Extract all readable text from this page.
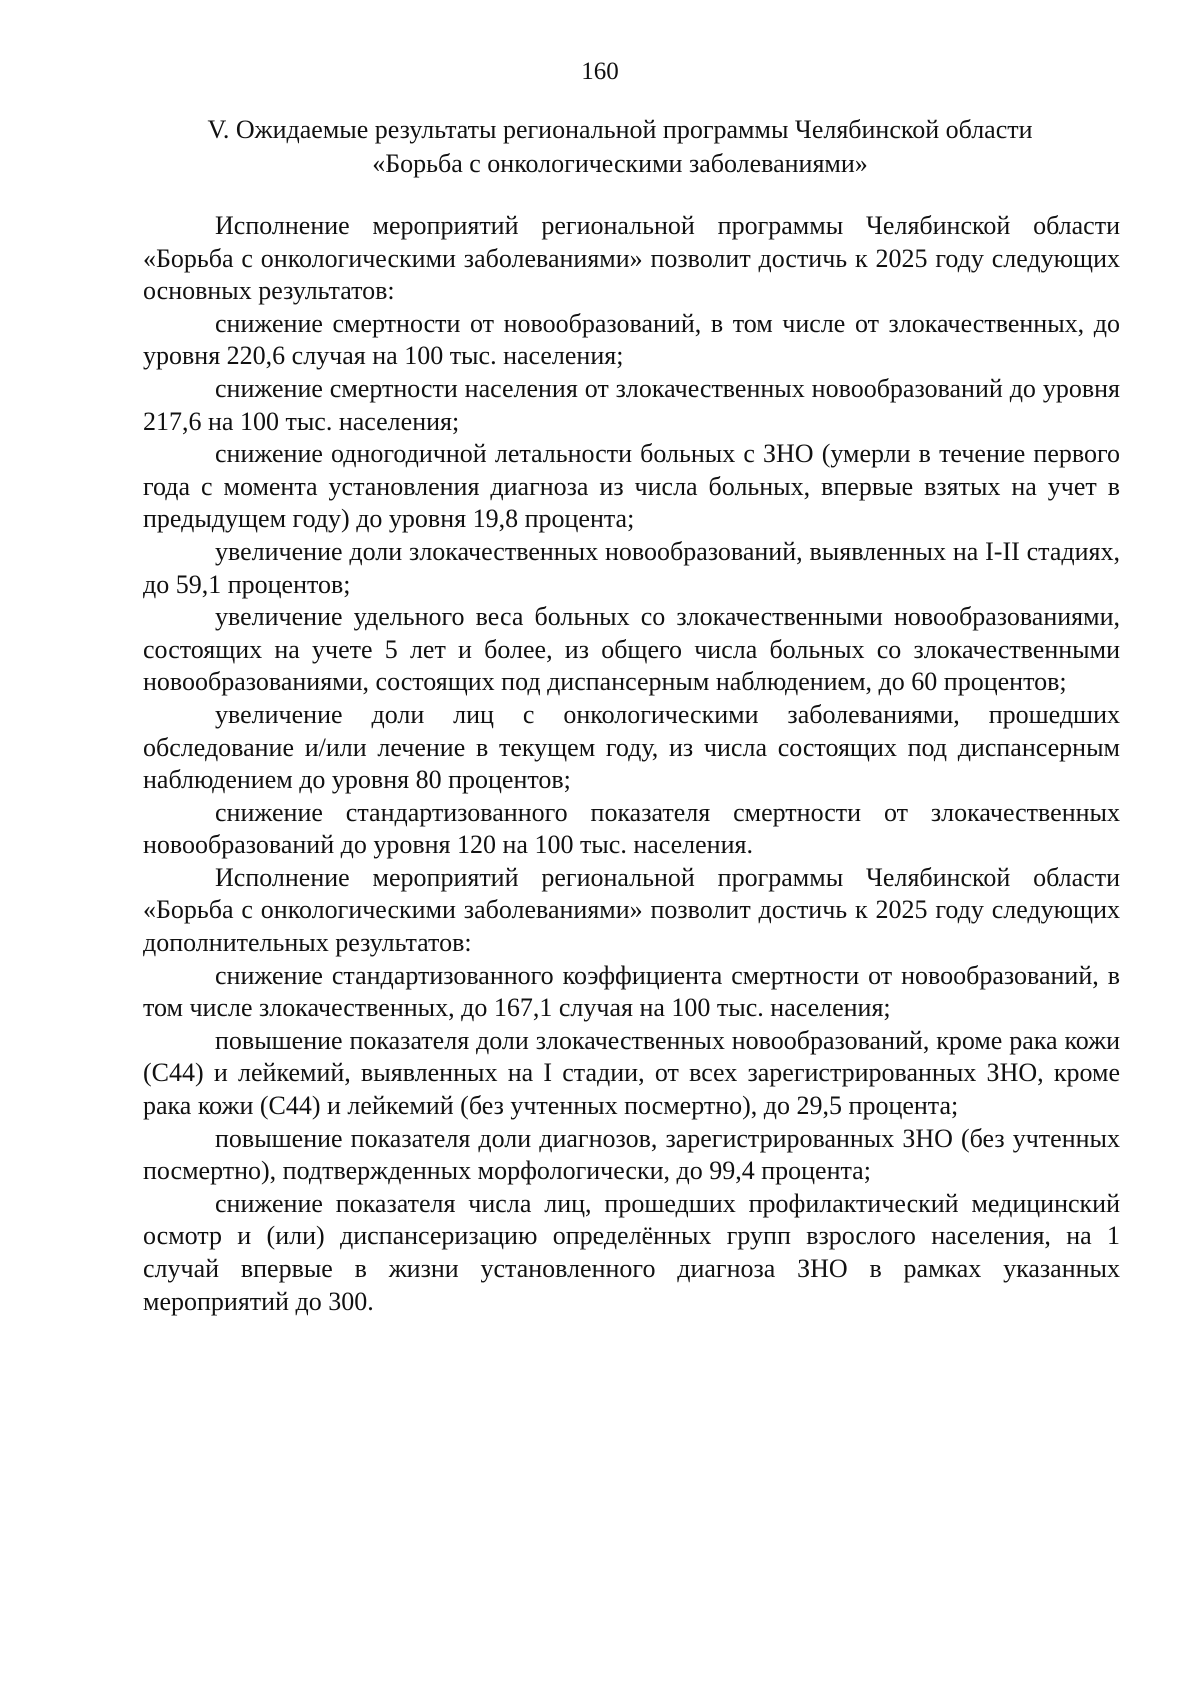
160
V. Ожидаемые результаты региональной программы Челябинской области
«Борьба с онкологическими заболеваниями»

Исполнение мероприятий региональной программы Челябинской области «Борьба с онкологическими заболеваниями» позволит достичь к 2025 году следующих основных результатов:

снижение смертности от новообразований, в том числе от злокачественных, до уровня 220,6 случая на 100 тыс. населения;

снижение смертности населения от злокачественных новообразований до уровня 217,6 на 100 тыс. населения;

снижение одногодичной летальности больных с ЗНО (умерли в течение первого года с момента установления диагноза из числа больных, впервые взятых на учет в предыдущем году) до уровня 19,8 процента;

увеличение доли злокачественных новообразований, выявленных на I-II стадиях, до 59,1 процентов;

увеличение удельного веса больных со злокачественными новообразованиями, состоящих на учете 5 лет и более, из общего числа больных со злокачественными новообразованиями, состоящих под диспансерным наблюдением, до 60 процентов;

увеличение доли лиц с онкологическими заболеваниями, прошедших обследование и/или лечение в текущем году, из числа состоящих под диспансерным наблюдением до уровня 80 процентов;

снижение стандартизованного показателя смертности от злокачественных новообразований до уровня 120 на 100 тыс. населения.

Исполнение мероприятий региональной программы Челябинской области «Борьба с онкологическими заболеваниями» позволит достичь к 2025 году следующих дополнительных результатов:

снижение стандартизованного коэффициента смертности от новообразований, в том числе злокачественных, до 167,1 случая на 100 тыс. населения;

повышение показателя доли злокачественных новообразований, кроме рака кожи (С44) и лейкемий, выявленных на I стадии, от всех зарегистрированных ЗНО, кроме рака кожи (С44) и лейкемий (без учтенных посмертно), до 29,5 процента;

повышение показателя доли диагнозов, зарегистрированных ЗНО (без учтенных посмертно), подтвержденных морфологически, до 99,4 процента;

снижение показателя числа лиц, прошедших профилактический медицинский осмотр и (или) диспансеризацию определённых групп взрослого населения, на 1 случай впервые в жизни установленного диагноза ЗНО в рамках указанных мероприятий до 300.
